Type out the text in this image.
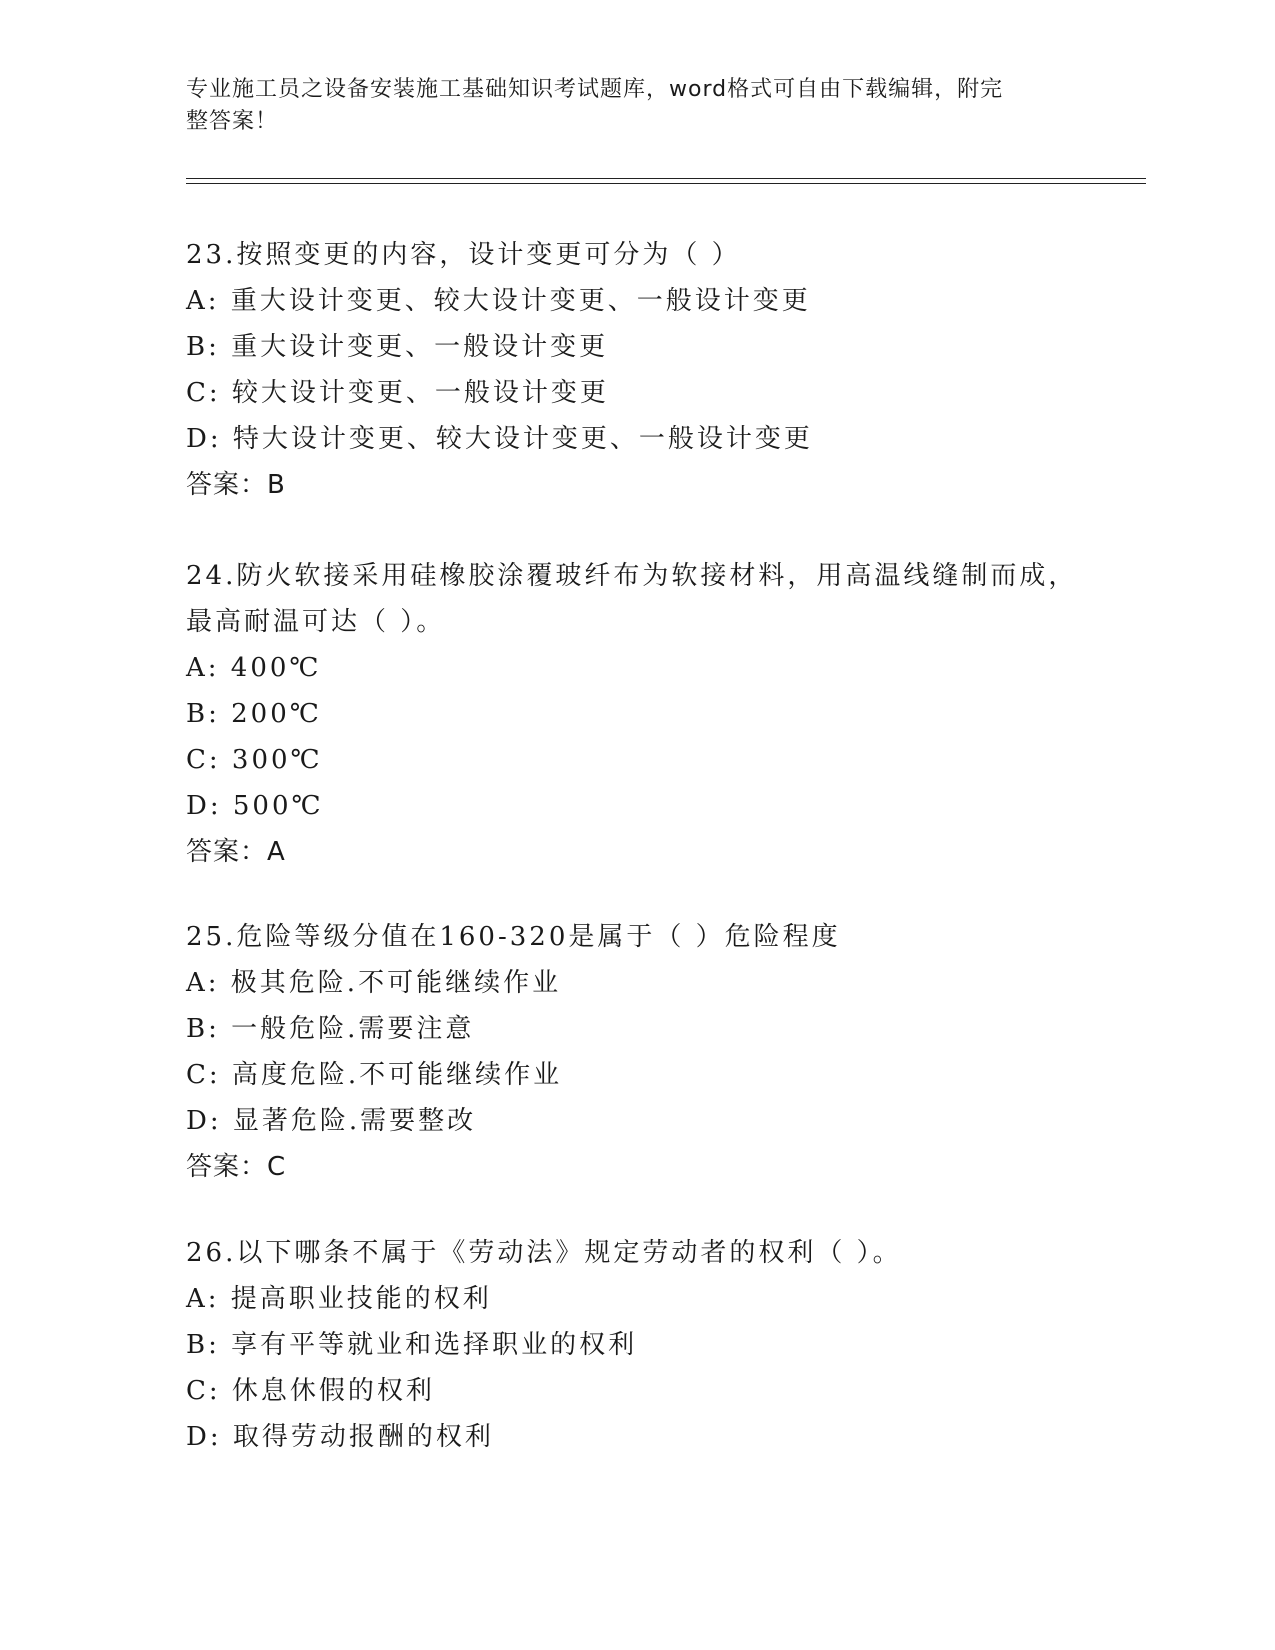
专业施工员之设备安装施工基础知识考试题库，word格式可自由下载编辑，附完
整答案！
23.按照变更的内容，设计变更可分为（ ）
A: 重大设计变更、较大设计变更、一般设计变更
B: 重大设计变更、一般设计变更
C: 较大设计变更、一般设计变更
D: 特大设计变更、较大设计变更、一般设计变更
答案：B
24.防火软接采用硅橡胶涂覆玻纤布为软接材料，用高温线缝制而成，
最高耐温可达（ ）。
A: 400℃
B: 200℃
C: 300℃
D: 500℃
答案：A
25.危险等级分值在160-320是属于（ ）危险程度
A: 极其危险.不可能继续作业
B: 一般危险.需要注意
C: 高度危险.不可能继续作业
D: 显著危险.需要整改
答案：C
26.以下哪条不属于《劳动法》规定劳动者的权利（ ）。
A: 提高职业技能的权利
B: 享有平等就业和选择职业的权利
C: 休息休假的权利
D: 取得劳动报酬的权利
